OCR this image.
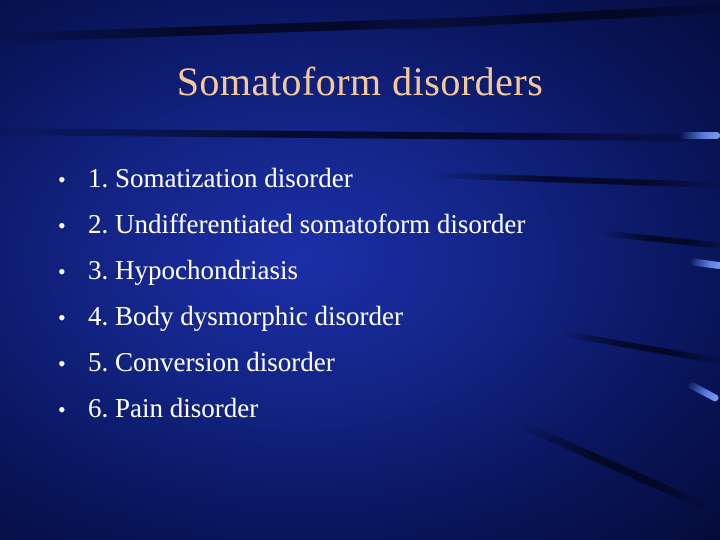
Somatoform disorders
• 1. Somatization disorder
• 2. Undifferentiated somatoform disorder
• 3. Hypochondriasis
• 4. Body dysmorphic disorder
• 5. Conversion disorder
• 6. Pain disorder
